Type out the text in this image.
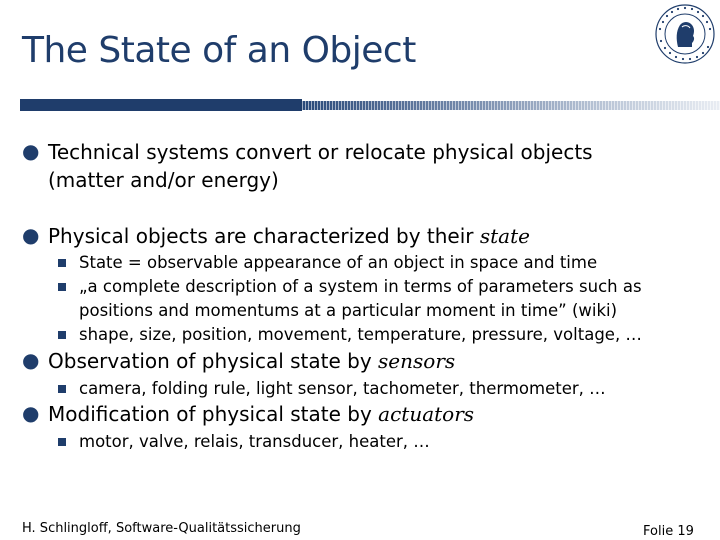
The State of an Object
● Technical systems convert or relocate physical objects
(matter and/or energy)
● Physical objects are characterized by their state
State = observable appearance of an object in space and time
„a complete description of a system in terms of parameters such as
positions and momentums at a particular moment in time” (wiki)
shape, size, position, movement, temperature, pressure, voltage, …
● Observation of physical state by sensors
camera, folding rule, light sensor, tachometer, thermometer, …
● Modification of physical state by actuators
motor, valve, relais, transducer, heater, …
H. Schlingloff, Software-Qualitätssicherung	Folie 19
